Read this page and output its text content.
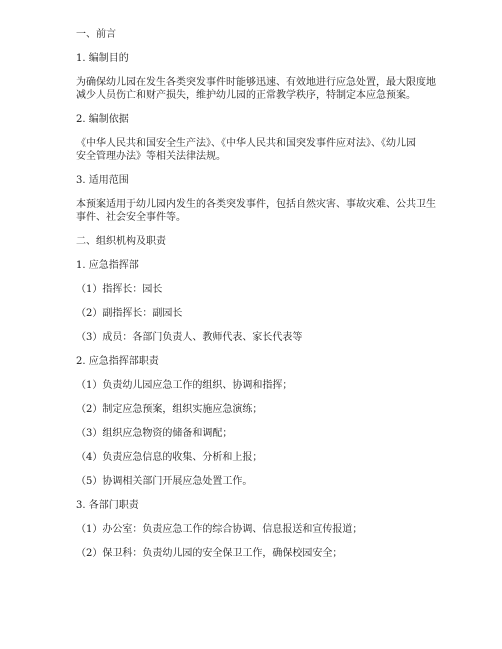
一、前言
1. 编制目的
为确保幼儿园在发生各类突发事件时能够迅速、有效地进行应急处置，最大限度地
减少人员伤亡和财产损失，维护幼儿园的正常教学秩序，特制定本应急预案。
2. 编制依据
《中华人民共和国安全生产法》、《中华人民共和国突发事件应对法》、《幼儿园
安全管理办法》等相关法律法规。
3. 适用范围
本预案适用于幼儿园内发生的各类突发事件，包括自然灾害、事故灾难、公共卫生
事件、社会安全事件等。
二、组织机构及职责
1. 应急指挥部
（1）指挥长：园长
（2）副指挥长：副园长
（3）成员：各部门负责人、教师代表、家长代表等
2. 应急指挥部职责
（1）负责幼儿园应急工作的组织、协调和指挥；
（2）制定应急预案，组织实施应急演练；
（3）组织应急物资的储备和调配；
（4）负责应急信息的收集、分析和上报；
（5）协调相关部门开展应急处置工作。
3. 各部门职责
（1）办公室：负责应急工作的综合协调、信息报送和宣传报道；
（2）保卫科：负责幼儿园的安全保卫工作，确保校园安全；
